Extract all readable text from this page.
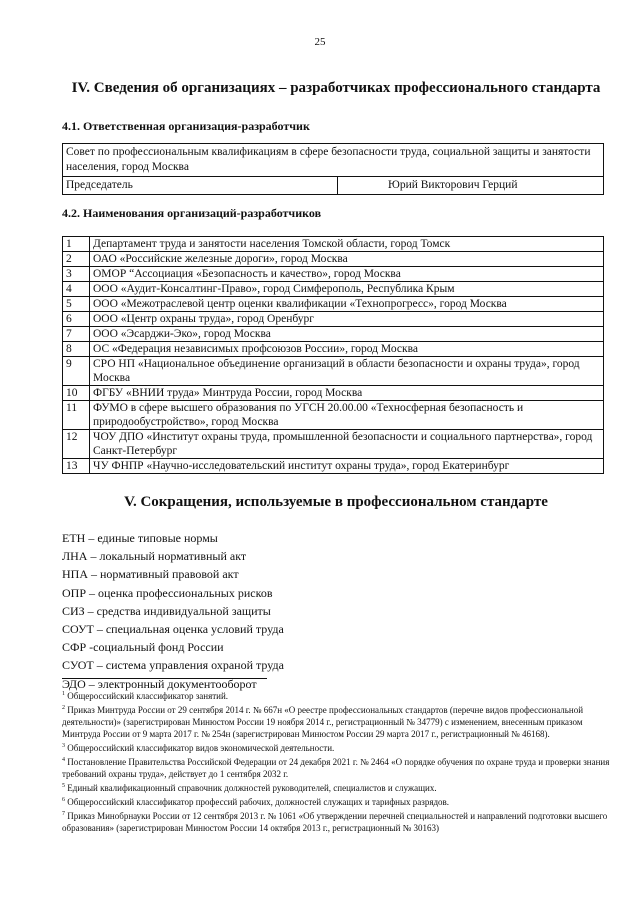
25
IV. Сведения об организациях – разработчиках профессионального стандарта
4.1. Ответственная организация-разработчик
Совет по профессиональным квалификациям в сфере безопасности труда, социальной защиты и занятости населения, город Москва
Председатель	Юрий Викторович Герций
4.2. Наименования организаций-разработчиков
1	Департамент труда и занятости населения Томской области, город Томск
2	ОАО «Российские железные дороги», город Москва
3	ОМОР “Ассоциация «Безопасность и качество», город Москва
4	ООО «Аудит-Консалтинг-Право», город Симферополь, Республика Крым
5	ООО «Межотраслевой центр оценки квалификации «Технопрогресс», город Москва
6	ООО «Центр охраны труда», город Оренбург
7	ООО «Эсарджи-Эко», город Москва
8	ОС «Федерация независимых профсоюзов России», город Москва
9	СРО НП «Национальное объединение организаций в области безопасности и охраны труда», город Москва
10	ФГБУ «ВНИИ труда» Минтруда России, город Москва
11	ФУМО в сфере высшего образования по УГСН 20.00.00 «Техносферная безопасность и природообустройство», город Москва
12	ЧОУ ДПО «Институт охраны труда, промышленной безопасности и социального партнерства», город Санкт-Петербург
13	ЧУ ФНПР «Научно-исследовательский институт охраны труда», город Екатеринбург
V. Сокращения, используемые в профессиональном стандарте
ЕТН – единые типовые нормы
ЛНА – локальный нормативный акт
НПА – нормативный правовой акт
ОПР – оценка профессиональных рисков
СИЗ – средства индивидуальной защиты
СОУТ – специальная оценка условий труда
СФР -социальный фонд России
СУОТ – система управления охраной труда
ЭДО – электронный документооборот

$^1$ Общероссийский классификатор занятий.

$^2$ Приказ Минтруда России от 29 сентября 2014 г. № 667н «О реестре профессиональных стандартов (перечне видов профессиональной деятельности)» (зарегистрирован Минюстом России 19 ноября 2014 г., регистрационный № 34779) с изменением, внесенным приказом Минтруда России от 9 марта 2017 г. № 254н (зарегистрирован Минюстом России 29 марта 2017 г., регистрационный № 46168).

$^3$ Общероссийский классификатор видов экономической деятельности.

$^4$ Постановление Правительства Российской Федерации от 24 декабря 2021 г. № 2464 «О порядке обучения по охране труда и проверки знания требований охраны труда», действует до 1 сентября 2032 г.

$^5$ Единый квалификационный справочник должностей руководителей, специалистов и служащих.

$^6$ Общероссийский классификатор профессий рабочих, должностей служащих и тарифных разрядов.

$^7$ Приказ Минобрнауки России от 12 сентября 2013 г. № 1061 «Об утверждении перечней специальностей и направлений подготовки высшего образования» (зарегистрирован Минюстом России 14 октября 2013 г., регистрационный № 30163)
